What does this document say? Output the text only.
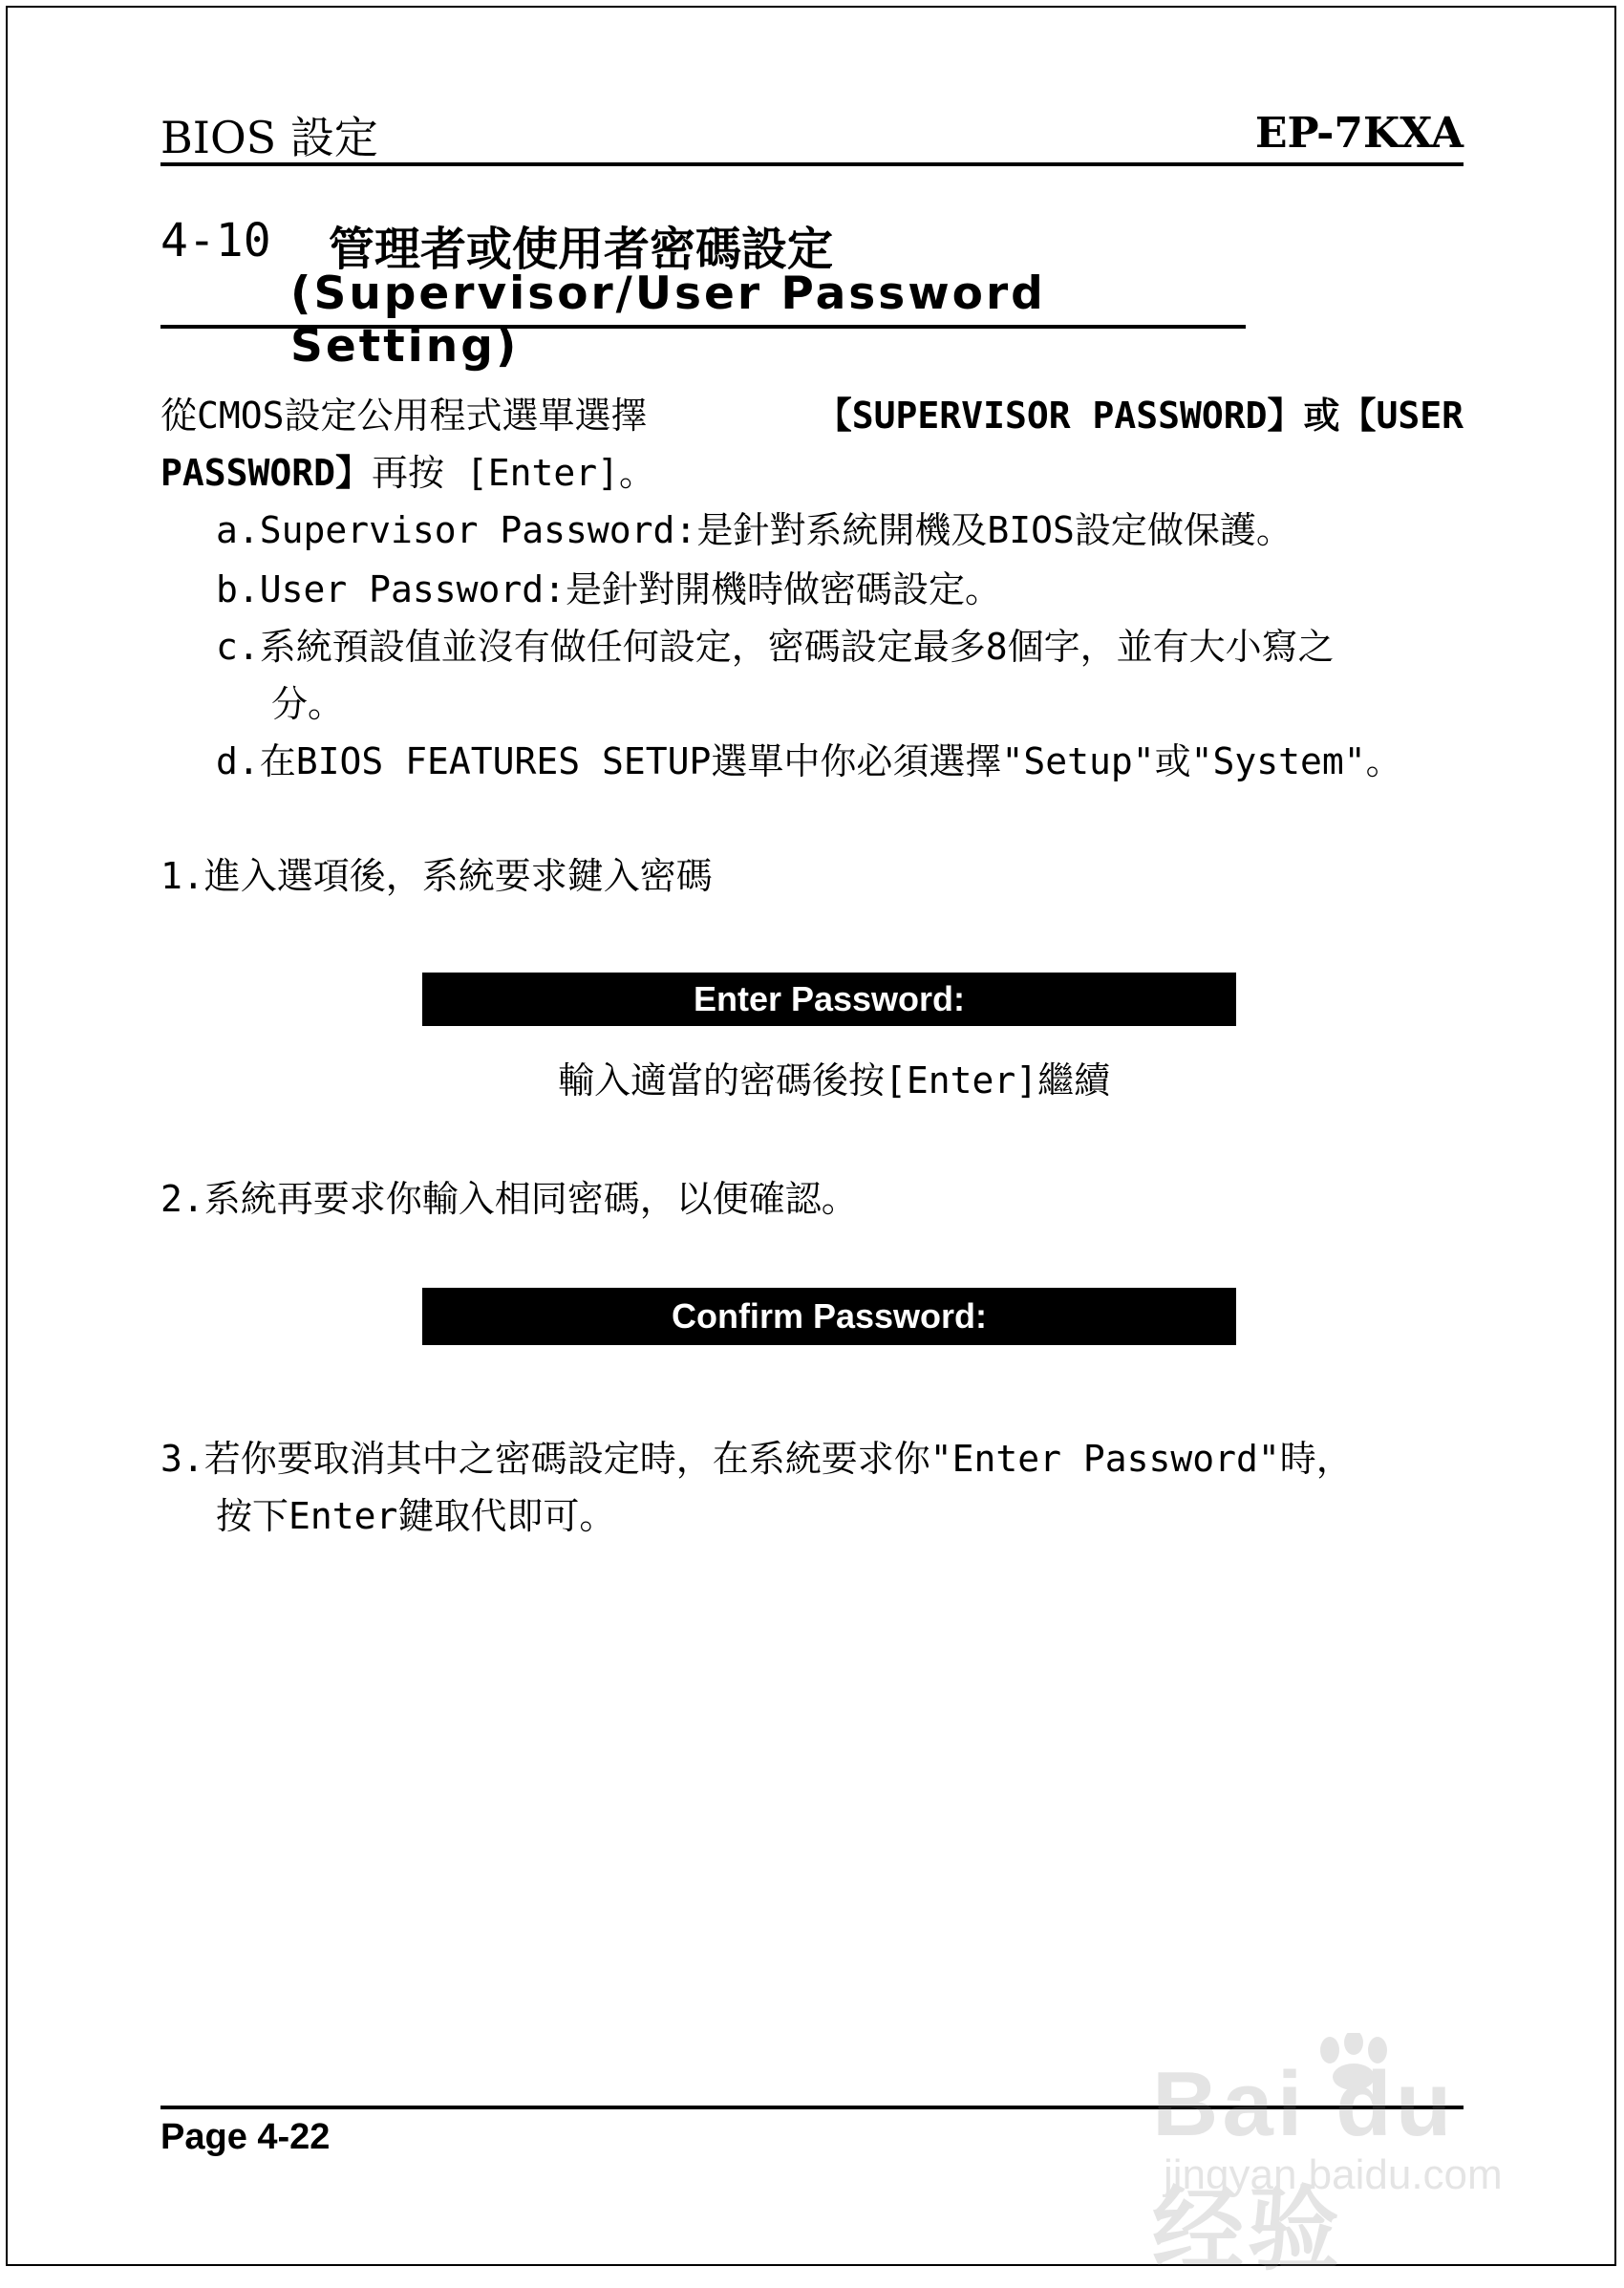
BIOS 設定	EP-7KXA
4-10 管理者或使用者密碼設定
(Supervisor/User Password Setting)
從CMOS設定公用程式選單選擇	【SUPERVISOR PASSWORD】或【USER
PASSWORD】再按 [Enter]。
a.Supervisor Password:是針對系統開機及BIOS設定做保護。
b.User Password:是針對開機時做密碼設定。
c.系統預設值並沒有做任何設定，密碼設定最多8個字，並有大小寫之
分。
d.在BIOS FEATURES SETUP選單中你必須選擇"Setup"或"System"。
1.進入選項後，系統要求鍵入密碼
Enter Password:
輸入適當的密碼後按[Enter]繼續
2.系統再要求你輸入相同密碼，以便確認。
Confirm Password:
3.若你要取消其中之密碼設定時，在系統要求你"Enter Password"時，
按下Enter鍵取代即可。
Page 4-22	Bai du 经验
jingyan.baidu.com
